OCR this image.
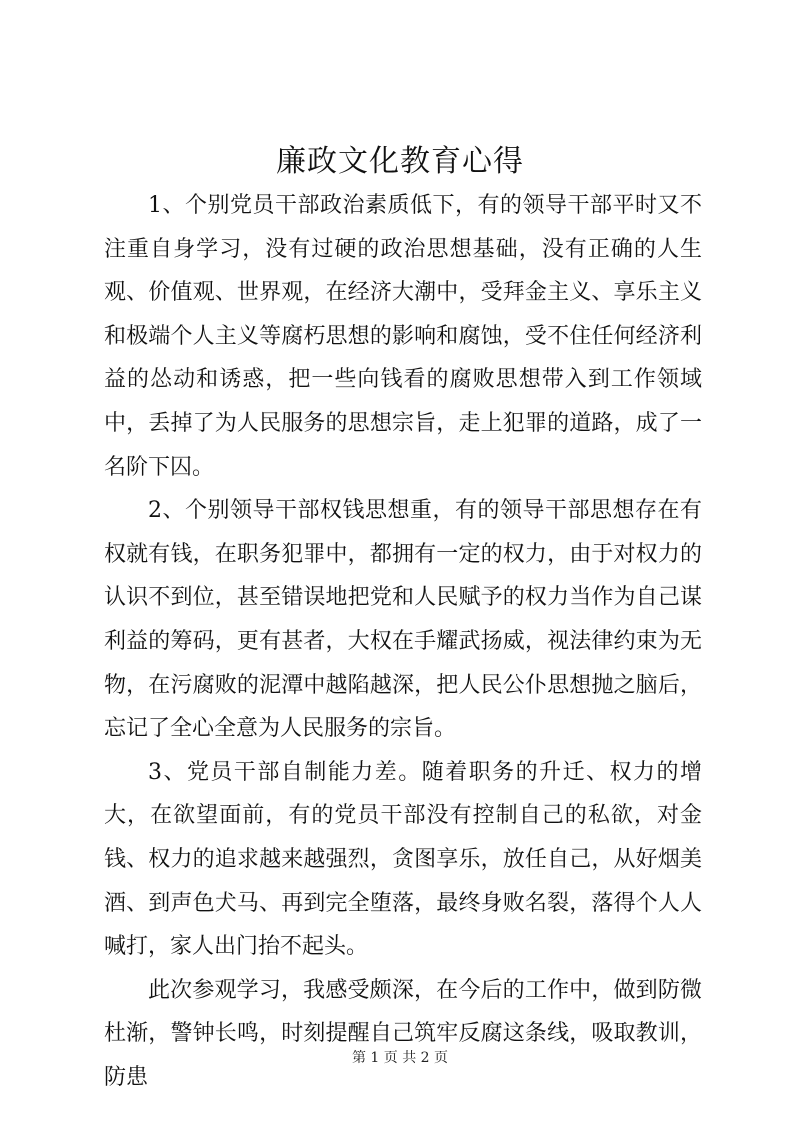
廉政文化教育心得

1、个别党员干部政治素质低下，有的领导干部平时又不注重自身学习，没有过硬的政治思想基础，没有正确的人生观、价值观、世界观，在经济大潮中，受拜金主义、享乐主义和极端个人主义等腐朽思想的影响和腐蚀，受不住任何经济利益的怂动和诱惑，把一些向钱看的腐败思想带入到工作领域中，丢掉了为人民服务的思想宗旨，走上犯罪的道路，成了一名阶下囚。

2、个别领导干部权钱思想重，有的领导干部思想存在有权就有钱，在职务犯罪中，都拥有一定的权力，由于对权力的认识不到位，甚至错误地把党和人民赋予的权力当作为自己谋利益的筹码，更有甚者，大权在手耀武扬威，视法律约束为无物，在污腐败的泥潭中越陷越深，把人民公仆思想抛之脑后，忘记了全心全意为人民服务的宗旨。

3、党员干部自制能力差。随着职务的升迁、权力的增大，在欲望面前，有的党员干部没有控制自己的私欲，对金钱、权力的追求越来越强烈，贪图享乐，放任自己，从好烟美酒、到声色犬马、再到完全堕落，最终身败名裂，落得个人人喊打，家人出门抬不起头。

此次参观学习，我感受颇深，在今后的工作中，做到防微杜渐，警钟长鸣，时刻提醒自己筑牢反腐这条线，吸取教训，防患

第 1 页 共 2 页
